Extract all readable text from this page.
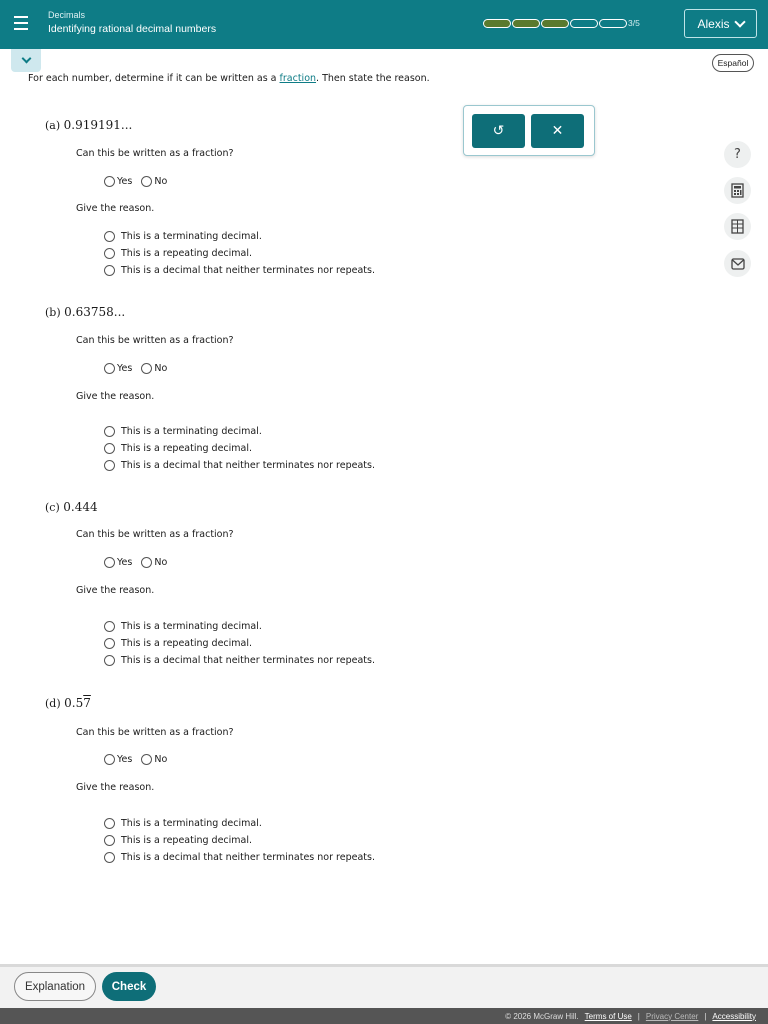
Decimals
Identifying rational decimal numbers	3/5	Alexis
Español
For each number, determine if it can be written as a fraction. Then state the reason.
↺	✕
?
(a) 0.919191...
Can this be written as a fraction?
Yes No
Give the reason.
This is a terminating decimal.
This is a repeating decimal.
This is a decimal that neither terminates nor repeats.
(b) 0.63758...
Can this be written as a fraction?
Yes No
Give the reason.
This is a terminating decimal.
This is a repeating decimal.
This is a decimal that neither terminates nor repeats.
(c) 0.444
Can this be written as a fraction?
Yes No
Give the reason.
This is a terminating decimal.
This is a repeating decimal.
This is a decimal that neither terminates nor repeats.
(d) 0.57
Can this be written as a fraction?
Yes No
Give the reason.
This is a terminating decimal.
This is a repeating decimal.
This is a decimal that neither terminates nor repeats.
Explanation	Check
© 2026 McGraw Hill. Terms of Use | Privacy Center | Accessibility
